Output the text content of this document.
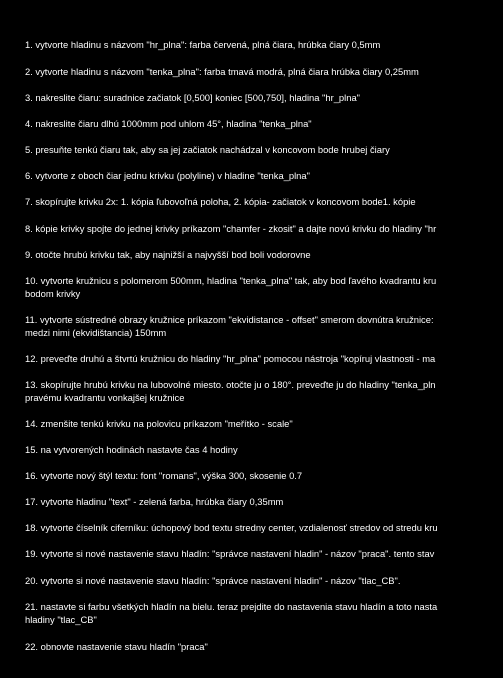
1. vytvorte hladinu s názvom "hr_plna": farba červená, plná čiara, hrúbka čiary 0,5mm
2. vytvorte hladinu s názvom "tenka_plna": farba tmavá modrá, plná čiara hrúbka čiary 0,25mm
3. nakreslite čiaru: suradnice začiatok [0,500] koniec [500,750], hladina "hr_plna"
4. nakreslite čiaru dlhú 1000mm pod uhlom 45°, hladina "tenka_plna"
5. presuňte tenkú čiaru tak, aby sa jej začiatok nachádzal v koncovom bode hrubej čiary
6. vytvorte z oboch čiar jednu krivku (polyline) v hladine "tenka_plna"
7. skopírujte krivku 2x: 1. kópia ľubovoľná poloha, 2. kópia- začiatok v koncovom bode1. kópie
8. kópie krivky spojte do jednej krivky príkazom "chamfer - zkosit" a dajte novú krivku do hladiny "hr
9. otočte hrubú krivku tak, aby najnižší a najvyšší bod boli vodorovne
10. vytvorte kružnicu s polomerom 500mm, hladina "tenka_plna" tak, aby bod ľavého kvadrantu kru
bodom krivky
11. vytvorte sústredné obrazy kružnice príkazom "ekvidistance - offset" smerom dovnútra kružnice:
medzi nimi (ekvidištancia) 150mm
12. preveďte druhú a štvrtú kružnicu do hladiny "hr_plna" pomocou nástroja "kopíruj vlastnosti - ma
13. skopírujte hrubú krivku na lubovolné miesto. otočte ju o 180°. preveďte ju do hladiny "tenka_pln
pravému kvadrantu vonkajšej kružnice
14. zmenšite tenkú krivku na polovicu príkazom "meřítko - scale"
15. na vytvorených hodinách nastavte čas 4 hodiny
16. vytvorte nový štýl textu: font "romans", výška 300, skosenie 0.7
17. vytvorte hladinu "text" - zelená farba, hrúbka čiary 0,35mm
18. vytvorte číselník ciferníku: úchopový bod textu stredny center, vzdialenosť stredov od stredu kru
19. vytvorte si nové nastavenie stavu hladín: "správce nastavení hladin" - názov "praca". tento stav
20. vytvorte si nové nastavenie stavu hladín: "správce nastavení hladin" - názov "tlac_CB".
21. nastavte si farbu všetkých hladín na bielu. teraz prejdite do nastavenia stavu hladín a toto nasta
hladiny "tlac_CB"
22. obnovte nastavenie stavu hladín "praca"
